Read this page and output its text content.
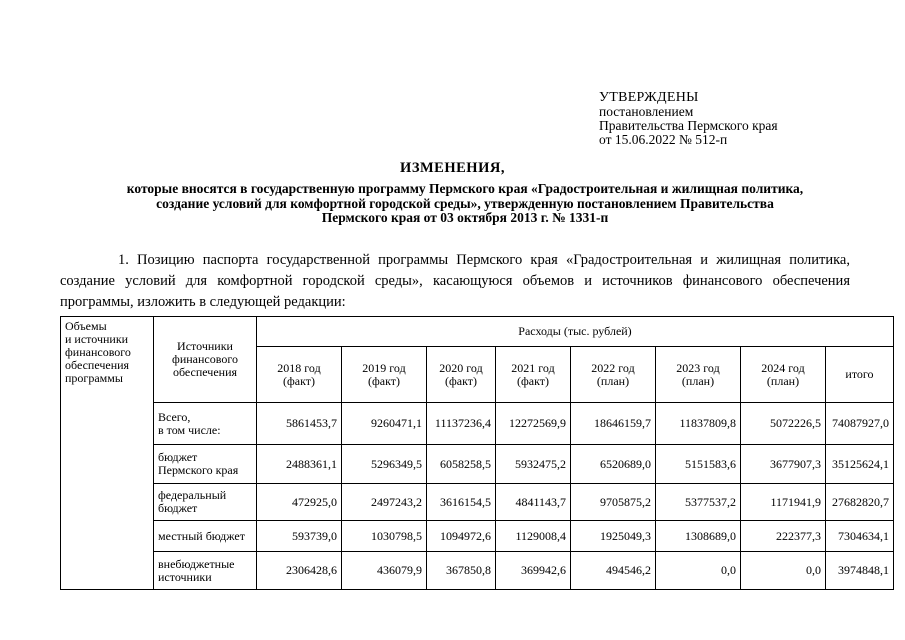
УТВЕРЖДЕНЫ
постановлением
Правительства Пермского края
от 15.06.2022 № 512-п
ИЗМЕНЕНИЯ,
которые вносятся в государственную программу Пермского края «Градостроительная и жилищная политика,
создание условий для комфортной городской среды», утвержденную постановлением Правительства
Пермского края от 03 октября 2013 г. № 1331-п
1. Позицию паспорта государственной программы Пермского края «Градостроительная и жилищная политика, создание условий для комфортной городской среды», касающуюся объемов и источников финансового обеспечения программы, изложить в следующей редакции:
Объемы
и источники
финансового
обеспечения
программы	Источники
финансового
обеспечения	Расходы (тыс. рублей)							
		2018 год
(факт)	2019 год
(факт)	2020 год
(факт)	2021 год
(факт)	2022 год
(план)	2023 год
(план)	2024 год
(план)	итого
	Всего,
в том числе:	5861453,7	9260471,1	11137236,4	12272569,9	18646159,7	11837809,8	5072226,5	74087927,0
	бюджет
Пермского края	2488361,1	5296349,5	6058258,5	5932475,2	6520689,0	5151583,6	3677907,3	35125624,1
	федеральный
бюджет	472925,0	2497243,2	3616154,5	4841143,7	9705875,2	5377537,2	1171941,9	27682820,7
	местный бюджет	593739,0	1030798,5	1094972,6	1129008,4	1925049,3	1308689,0	222377,3	7304634,1
	внебюджетные
источники	2306428,6	436079,9	367850,8	369942,6	494546,2	0,0	0,0	3974848,1
